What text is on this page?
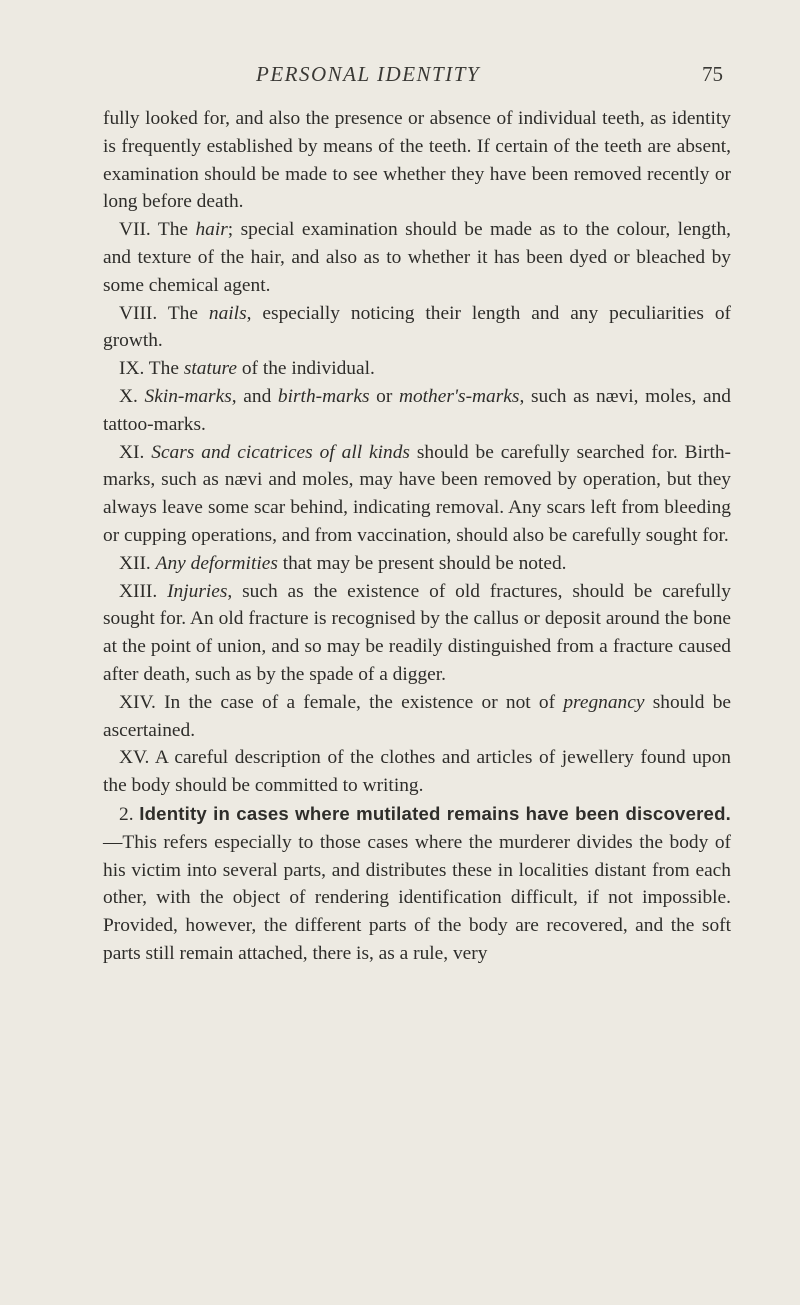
PERSONAL IDENTITY	75

fully looked for, and also the presence or absence of individual teeth, as identity is frequently established by means of the teeth. If certain of the teeth are absent, examination should be made to see whether they have been removed recently or long before death.

VII. The hair; special examination should be made as to the colour, length, and texture of the hair, and also as to whether it has been dyed or bleached by some chemical agent.

VIII. The nails, especially noticing their length and any peculiarities of growth.

IX. The stature of the individual.

X. Skin-marks, and birth-marks or mother's-marks, such as nævi, moles, and tattoo-marks.

XI. Scars and cicatrices of all kinds should be carefully searched for. Birth-marks, such as nævi and moles, may have been removed by operation, but they always leave some scar behind, indicating removal. Any scars left from bleeding or cupping operations, and from vaccination, should also be carefully sought for.

XII. Any deformities that may be present should be noted.

XIII. Injuries, such as the existence of old fractures, should be carefully sought for. An old fracture is recognised by the callus or deposit around the bone at the point of union, and so may be readily distinguished from a fracture caused after death, such as by the spade of a digger.

XIV. In the case of a female, the existence or not of pregnancy should be ascertained.

XV. A careful description of the clothes and articles of jewellery found upon the body should be committed to writing.

2. Identity in cases where mutilated remains have been discovered.—This refers especially to those cases where the murderer divides the body of his victim into several parts, and distributes these in localities distant from each other, with the object of rendering identification difficult, if not impossible. Provided, however, the different parts of the body are recovered, and the soft parts still remain attached, there is, as a rule, very
